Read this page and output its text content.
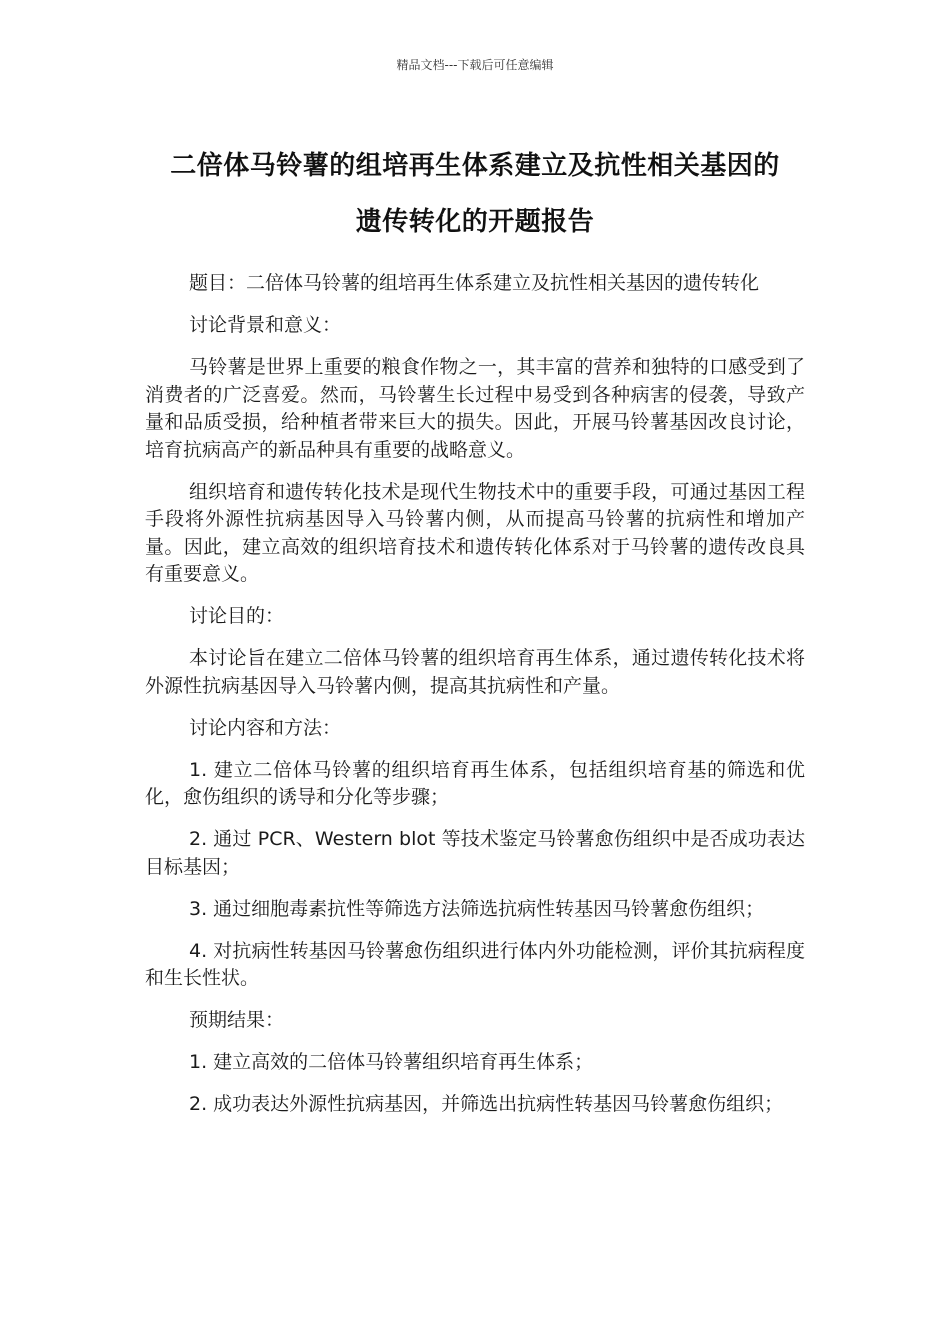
精品文档---下载后可任意编辑
二倍体马铃薯的组培再生体系建立及抗性相关基因的
遗传转化的开题报告

题目：二倍体马铃薯的组培再生体系建立及抗性相关基因的遗传转化

讨论背景和意义：

马铃薯是世界上重要的粮食作物之一，其丰富的营养和独特的口感受到了消费者的广泛喜爱。然而，马铃薯生长过程中易受到各种病害的侵袭，导致产量和品质受损，给种植者带来巨大的损失。因此，开展马铃薯基因改良讨论，培育抗病高产的新品种具有重要的战略意义。

组织培育和遗传转化技术是现代生物技术中的重要手段，可通过基因工程手段将外源性抗病基因导入马铃薯内侧，从而提高马铃薯的抗病性和增加产量。因此，建立高效的组织培育技术和遗传转化体系对于马铃薯的遗传改良具有重要意义。

讨论目的：

本讨论旨在建立二倍体马铃薯的组织培育再生体系，通过遗传转化技术将外源性抗病基因导入马铃薯内侧，提高其抗病性和产量。

讨论内容和方法：

1. 建立二倍体马铃薯的组织培育再生体系，包括组织培育基的筛选和优化，愈伤组织的诱导和分化等步骤；

2. 通过 PCR、Western blot 等技术鉴定马铃薯愈伤组织中是否成功表达目标基因；

3. 通过细胞毒素抗性等筛选方法筛选抗病性转基因马铃薯愈伤组织；

4. 对抗病性转基因马铃薯愈伤组织进行体内外功能检测，评价其抗病程度和生长性状。

预期结果：

1. 建立高效的二倍体马铃薯组织培育再生体系；

2. 成功表达外源性抗病基因，并筛选出抗病性转基因马铃薯愈伤组织；
